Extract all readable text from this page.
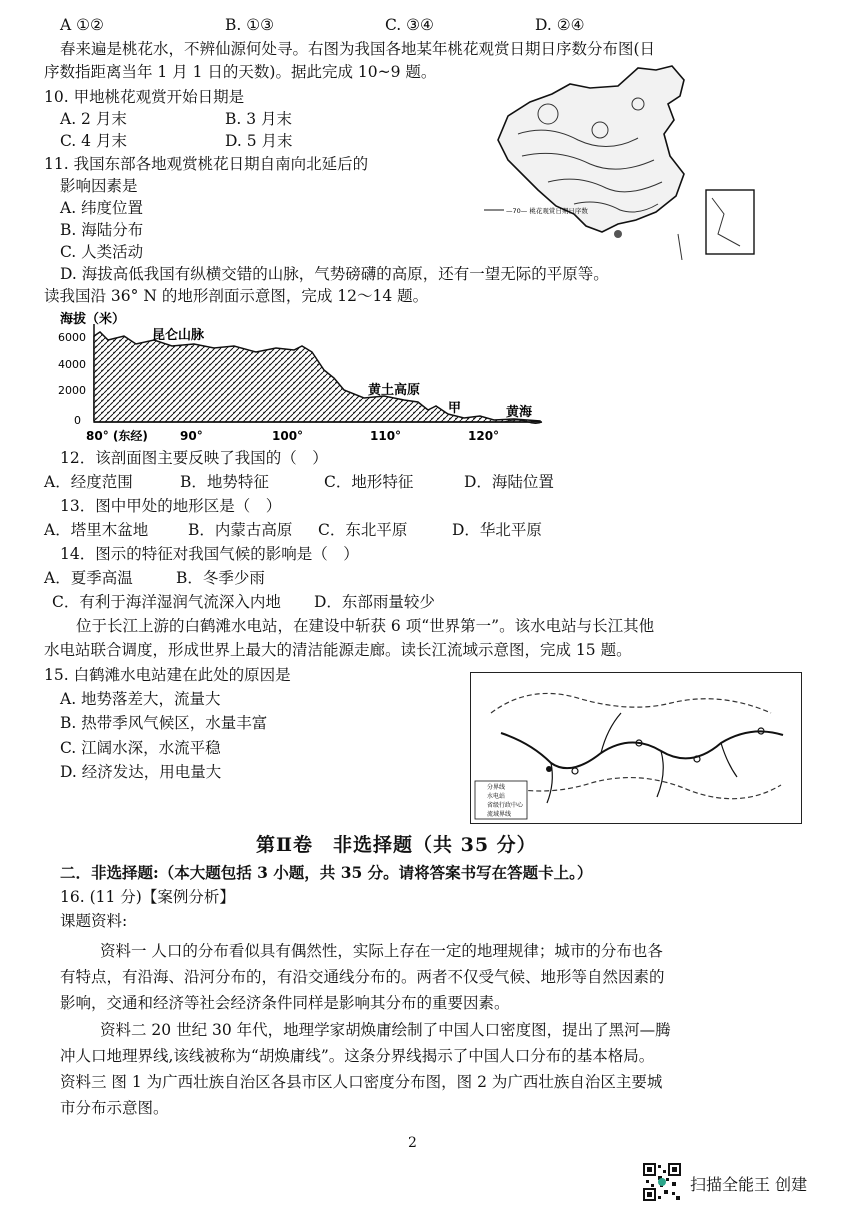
A ①②	B. ①③	C. ③④	D. ②④
春来遍是桃花水，不辨仙源何处寻。右图为我国各地某年桃花观赏日期日序数分布图(日
序数指距离当年 1 月 1 日的天数)。据此完成 10~9 题。
10. 甲地桃花观赏开始日期是
A. 2 月末	B. 3 月末
C. 4 月末	D. 5 月末
11. 我国东部各地观赏桃花日期自南向北延后的
影响因素是
A. 纬度位置
B. 海陆分布
C. 人类活动
D. 海拔高低我国有纵横交错的山脉，气势磅礴的高原，还有一望无际的平原等。
—70— 桃花观赏日期日序数
读我国沿 36° N 的地形剖面示意图，完成 12～14 题。
海拔（米）
6000
4000
2000
0
昆仑山脉
黄土高原
甲	黄海
80° (东经)	90°	100°	110°	120°
12．该剖面图主要反映了我国的（　）
A．经度范围	B．地势特征	C．地形特征	D．海陆位置
13．图中甲处的地形区是（　）
A．塔里木盆地	B．内蒙古高原 C．东北平原	D．华北平原
14．图示的特征对我国气候的影响是（　）
A．夏季高温	B．冬季少雨
C．有利于海洋湿润气流深入内地 D．东部雨量较少
位于长江上游的白鹤滩水电站，在建设中斩获 6 项“世界第一”。该水电站与长江其他
水电站联合调度，形成世界上最大的清洁能源走廊。读长江流域示意图，完成 15 题。
15. 白鹤滩水电站建在此处的原因是
A. 地势落差大，流量大
B. 热带季风气候区，水量丰富
C. 江阔水深，水流平稳
D. 经济发达，用电量大
分界线
水电站
省级行政中心
流域界线
第Ⅱ卷　非选择题（共 35 分）
二．非选择题:（本大题包括 3 小题，共 35 分。请将答案书写在答题卡上。）
16. (11 分)【案例分析】
课题资料:
资料一 人口的分布看似具有偶然性，实际上存在一定的地理规律；城市的分布也各
有特点，有沿海、沿河分布的，有沿交通线分布的。两者不仅受气候、地形等自然因素的
影响，交通和经济等社会经济条件同样是影响其分布的重要因素。
资料二 20 世纪 30 年代，地理学家胡焕庸绘制了中国人口密度图，提出了黑河—腾
冲人口地理界线,该线被称为“胡焕庸线”。这条分界线揭示了中国人口分布的基本格局。
资料三 图 1 为广西壮族自治区各县市区人口密度分布图，图 2 为广西壮族自治区主要城
市分布示意图。
2
扫描全能王 创建
